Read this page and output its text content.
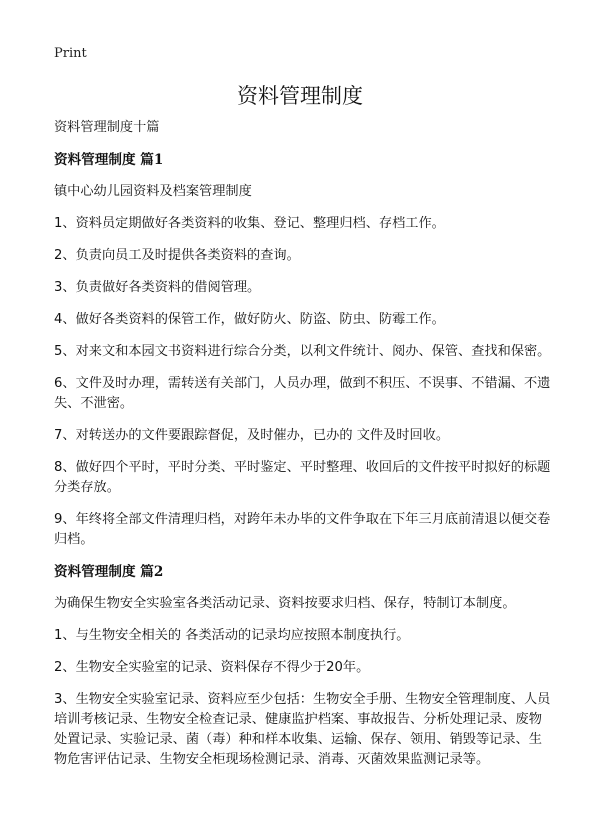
Print
资料管理制度

资料管理制度十篇

资料管理制度 篇1

镇中心幼儿园资料及档案管理制度

1、资料员定期做好各类资料的收集、登记、整理归档、存档工作。

2、负责向员工及时提供各类资料的查询。

3、负责做好各类资料的借阅管理。

4、做好各类资料的保管工作，做好防火、防盗、防虫、防霉工作。

5、对来文和本园文书资料进行综合分类，以利文件统计、阅办、保管、查找和保密。

6、文件及时办理，需转送有关部门，人员办理，做到不积压、不误事、不错漏、不遗失、不泄密。

7、对转送办的文件要跟踪督促，及时催办，已办的 文件及时回收。

8、做好四个平时，平时分类、平时鉴定、平时整理、收回后的文件按平时拟好的标题分类存放。

9、年终将全部文件清理归档，对跨年未办毕的文件争取在下年三月底前清退以便交卷归档。

资料管理制度 篇2

为确保生物安全实验室各类活动记录、资料按要求归档、保存，特制订本制度。

1、与生物安全相关的 各类活动的记录均应按照本制度执行。

2、生物安全实验室的记录、资料保存不得少于20年。

3、生物安全实验室记录、资料应至少包括：生物安全手册、生物安全管理制度、人员培训考核记录、生物安全检查记录、健康监护档案、事故报告、分析处理记录、废物处置记录、实验记录、菌（毒）种和样本收集、运输、保存、领用、销毁等记录、生物危害评估记录、生物安全柜现场检测记录、消毒、灭菌效果监测记录等。
